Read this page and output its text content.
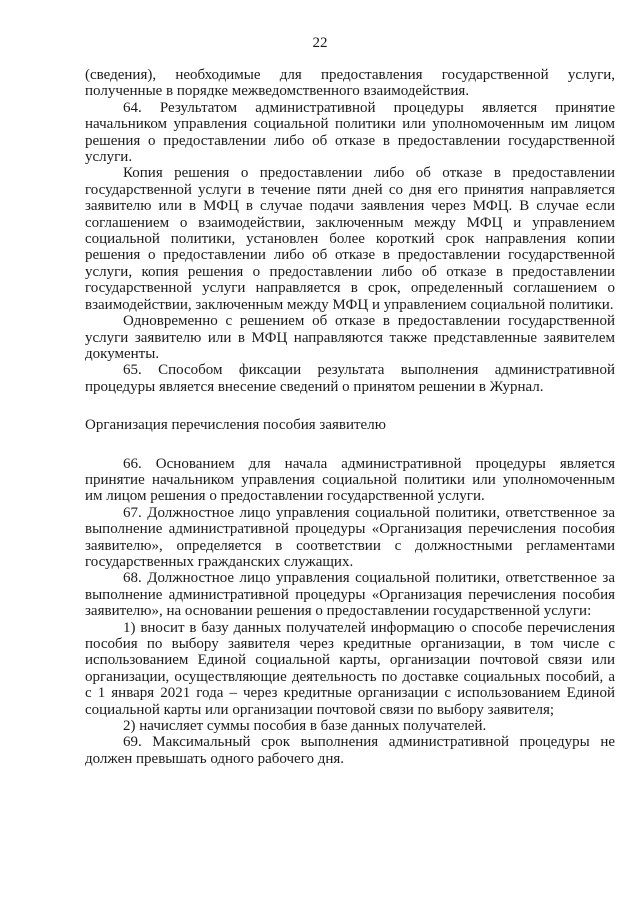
22

(сведения), необходимые для предоставления государственной услуги, полученные в порядке межведомственного взаимодействия.

64. Результатом административной процедуры является принятие начальником управления социальной политики или уполномоченным им лицом решения о предоставлении либо об отказе в предоставлении государственной услуги.

Копия решения о предоставлении либо об отказе в предоставлении государственной услуги в течение пяти дней со дня его принятия направляется заявителю или в МФЦ в случае подачи заявления через МФЦ. В случае если соглашением о взаимодействии, заключенным между МФЦ и управлением социальной политики, установлен более короткий срок направления копии решения о предоставлении либо об отказе в предоставлении государственной услуги, копия решения о предоставлении либо об отказе в предоставлении государственной услуги направляется в срок, определенный соглашением о взаимодействии, заключенным между МФЦ и управлением социальной политики.

Одновременно с решением об отказе в предоставлении государственной услуги заявителю или в МФЦ направляются также представленные заявителем документы.

65. Способом фиксации результата выполнения административной процедуры является внесение сведений о принятом решении в Журнал.

Организация перечисления пособия заявителю

66. Основанием для начала административной процедуры является принятие начальником управления социальной политики или уполномоченным им лицом решения о предоставлении государственной услуги.

67. Должностное лицо управления социальной политики, ответственное за выполнение административной процедуры «Организация перечисления пособия заявителю», определяется в соответствии с должностными регламентами государственных гражданских служащих.

68. Должностное лицо управления социальной политики, ответственное за выполнение административной процедуры «Организация перечисления пособия заявителю», на основании решения о предоставлении государственной услуги:

1) вносит в базу данных получателей информацию о способе перечисления пособия по выбору заявителя через кредитные организации, в том числе с использованием Единой социальной карты, организации почтовой связи или организации, осуществляющие деятельность по доставке социальных пособий, а с 1 января 2021 года – через кредитные организации с использованием Единой социальной карты или организации почтовой связи по выбору заявителя;

2) начисляет суммы пособия в базе данных получателей.

69. Максимальный срок выполнения административной процедуры не должен превышать одного рабочего дня.
